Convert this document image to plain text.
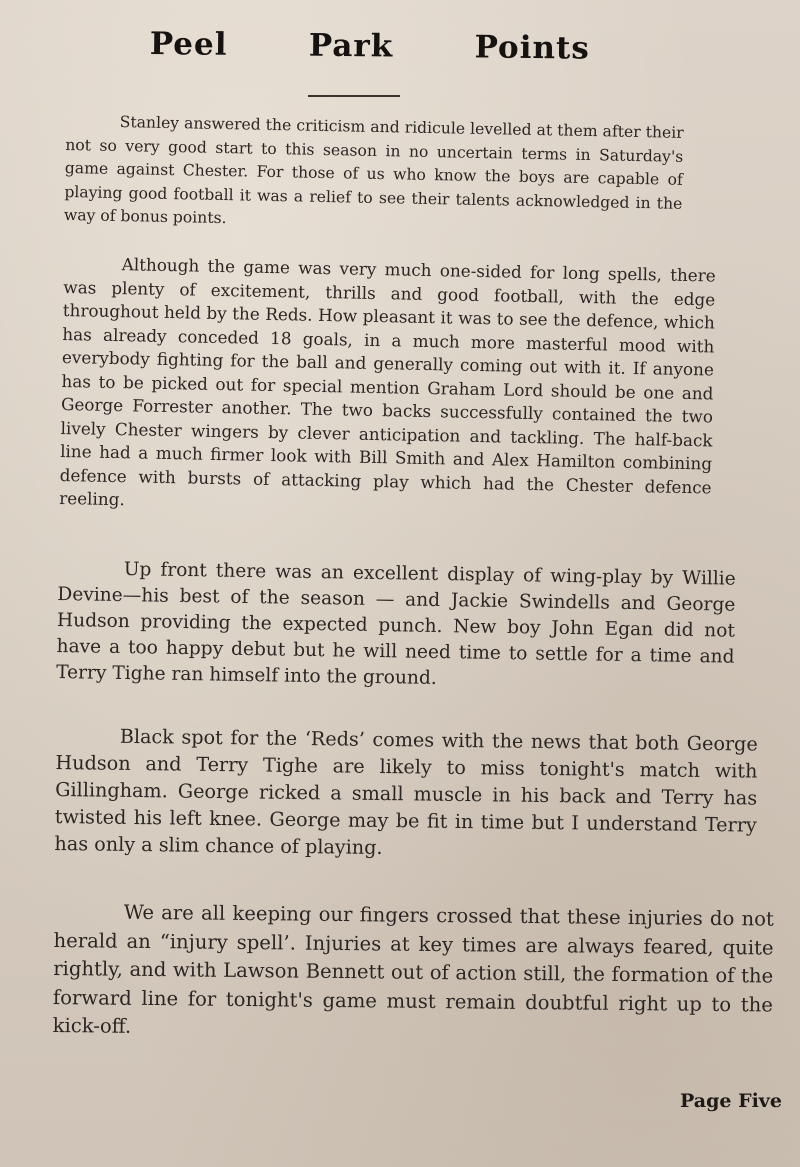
Peel	Park	Points

Stanley answered the criticism and ridicule levelled at them after their not so very good start to this season in no uncertain terms in Saturday's game against Chester. For those of us who know the boys are capable of playing good football it was a relief to see their talents acknowledged in the way of bonus points.

Although the game was very much one-sided for long spells, there was plenty of excitement, thrills and good football, with the edge throughout held by the Reds. How pleasant it was to see the defence, which has already conceded 18 goals, in a much more masterful mood with everybody fighting for the ball and generally coming out with it. If anyone has to be picked out for special mention Graham Lord should be one and George Forrester another. The two backs successfully contained the two lively Chester wingers by clever anticipation and tackling. The half-back line had a much firmer look with Bill Smith and Alex Hamilton combining defence with bursts of attacking play which had the Chester defence reeling.

Up front there was an excellent display of wing-play by Willie Devine—his best of the season — and Jackie Swindells and George Hudson providing the expected punch. New boy John Egan did not have a too happy debut but he will need time to settle for a time and Terry Tighe ran himself into the ground.

Black spot for the ‘Reds’ comes with the news that both George Hudson and Terry Tighe are likely to miss tonight's match with Gillingham. George ricked a small muscle in his back and Terry has twisted his left knee. George may be fit in time but I understand Terry has only a slim chance of playing.

We are all keeping our fingers crossed that these injuries do not herald an “injury spell’. Injuries at key times are always feared, quite rightly, and with Lawson Bennett out of action still, the formation of the forward line for tonight's game must remain doubtful right up to the kick-off.

Page Five
